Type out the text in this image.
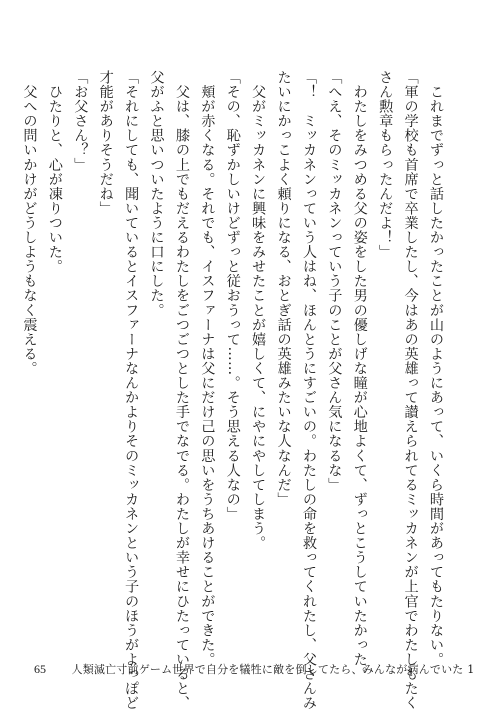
　これまでずっと話したかったことが山のようにあって、いくら時間があってもたりない。

「軍の学校も首席で卒業したし、今はあの英雄って讃えられてるミッカネンが上官でわたしもたく

さん勲章もらったんだよ！」

　わたしをみつめる父の姿をした男の優しげな瞳が心地よくて、ずっとこうしていたかった。

「へえ、そのミッカネンっていう子のことが父さん気になるな」

「！　ミッカネンっていう人はね、ほんとうにすごいの。わたしの命を救ってくれたし、父さんみ

たいにかっこよく頼りになる、おとぎ話の英雄みたいな人なんだ」

　父がミッカネンに興味をみせたことが嬉しくて、にやにやしてしまう。

「その、恥ずかしいけどずっと従おうって……。そう思える人なの」

　頬が赤くなる。それでも、イスファーナは父にだけ己の思いをうちあけることができた。

　父は、膝の上でもだえるわたしをごつごつとした手でなでる。わたしが幸せにひたっていると、

父がふと思いついたように口にした。

「それにしても、聞いているとイスファーナなんかよりそのミッカネンという子のほうがよっぽど

才能がありそうだね」

「お父さん？」

　ひたりと、心が凍りついた。

　父への問いかけがどうしようもなく震える。

65 人類滅亡寸前ゲーム世界で自分を犠牲に敵を倒してたら、みんなが病んでいた 1
